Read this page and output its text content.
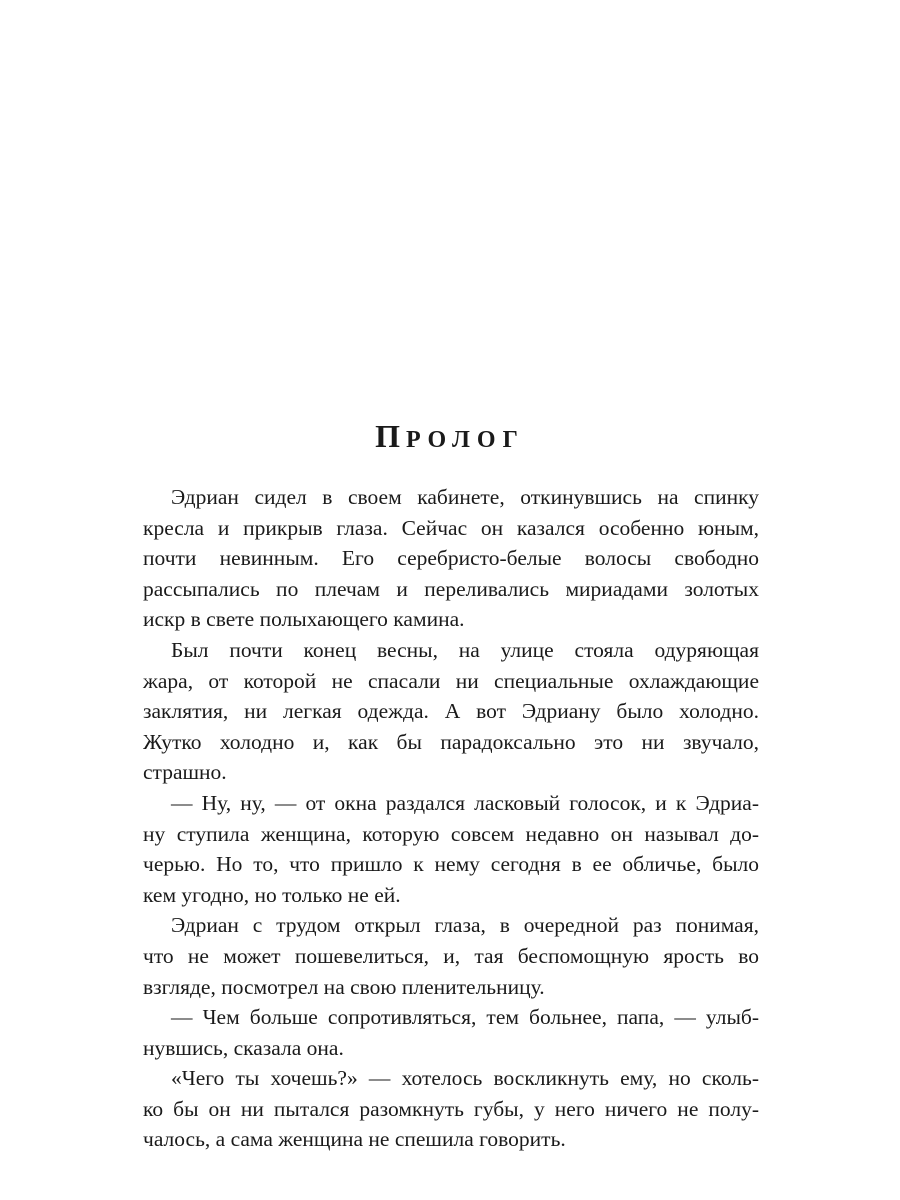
ПРОЛОГ
Эдриан сидел в своем кабинете, откинувшись на спинку
кресла и прикрыв глаза. Сейчас он казался особенно юным,
почти невинным. Его серебристо-белые волосы свободно
рассыпались по плечам и переливались мириадами золотых
искр в свете полыхающего камина.
Был почти конец весны, на улице стояла одуряющая
жара, от которой не спасали ни специальные охлаждающие
заклятия, ни легкая одежда. А вот Эдриану было холодно.
Жутко холодно и, как бы парадоксально это ни звучало,
страшно.
— Ну, ну, — от окна раздался ласковый голосок, и к Эдриа-
ну ступила женщина, которую совсем недавно он называл до-
черью. Но то, что пришло к нему сегодня в ее обличье, было
кем угодно, но только не ей.
Эдриан с трудом открыл глаза, в очередной раз понимая,
что не может пошевелиться, и, тая беспомощную ярость во
взгляде, посмотрел на свою пленительницу.
— Чем больше сопротивляться, тем больнее, папа, — улыб-
нувшись, сказала она.
«Чего ты хочешь?» — хотелось воскликнуть ему, но сколь-
ко бы он ни пытался разомкнуть губы, у него ничего не полу-
чалось, а сама женщина не спешила говорить.
